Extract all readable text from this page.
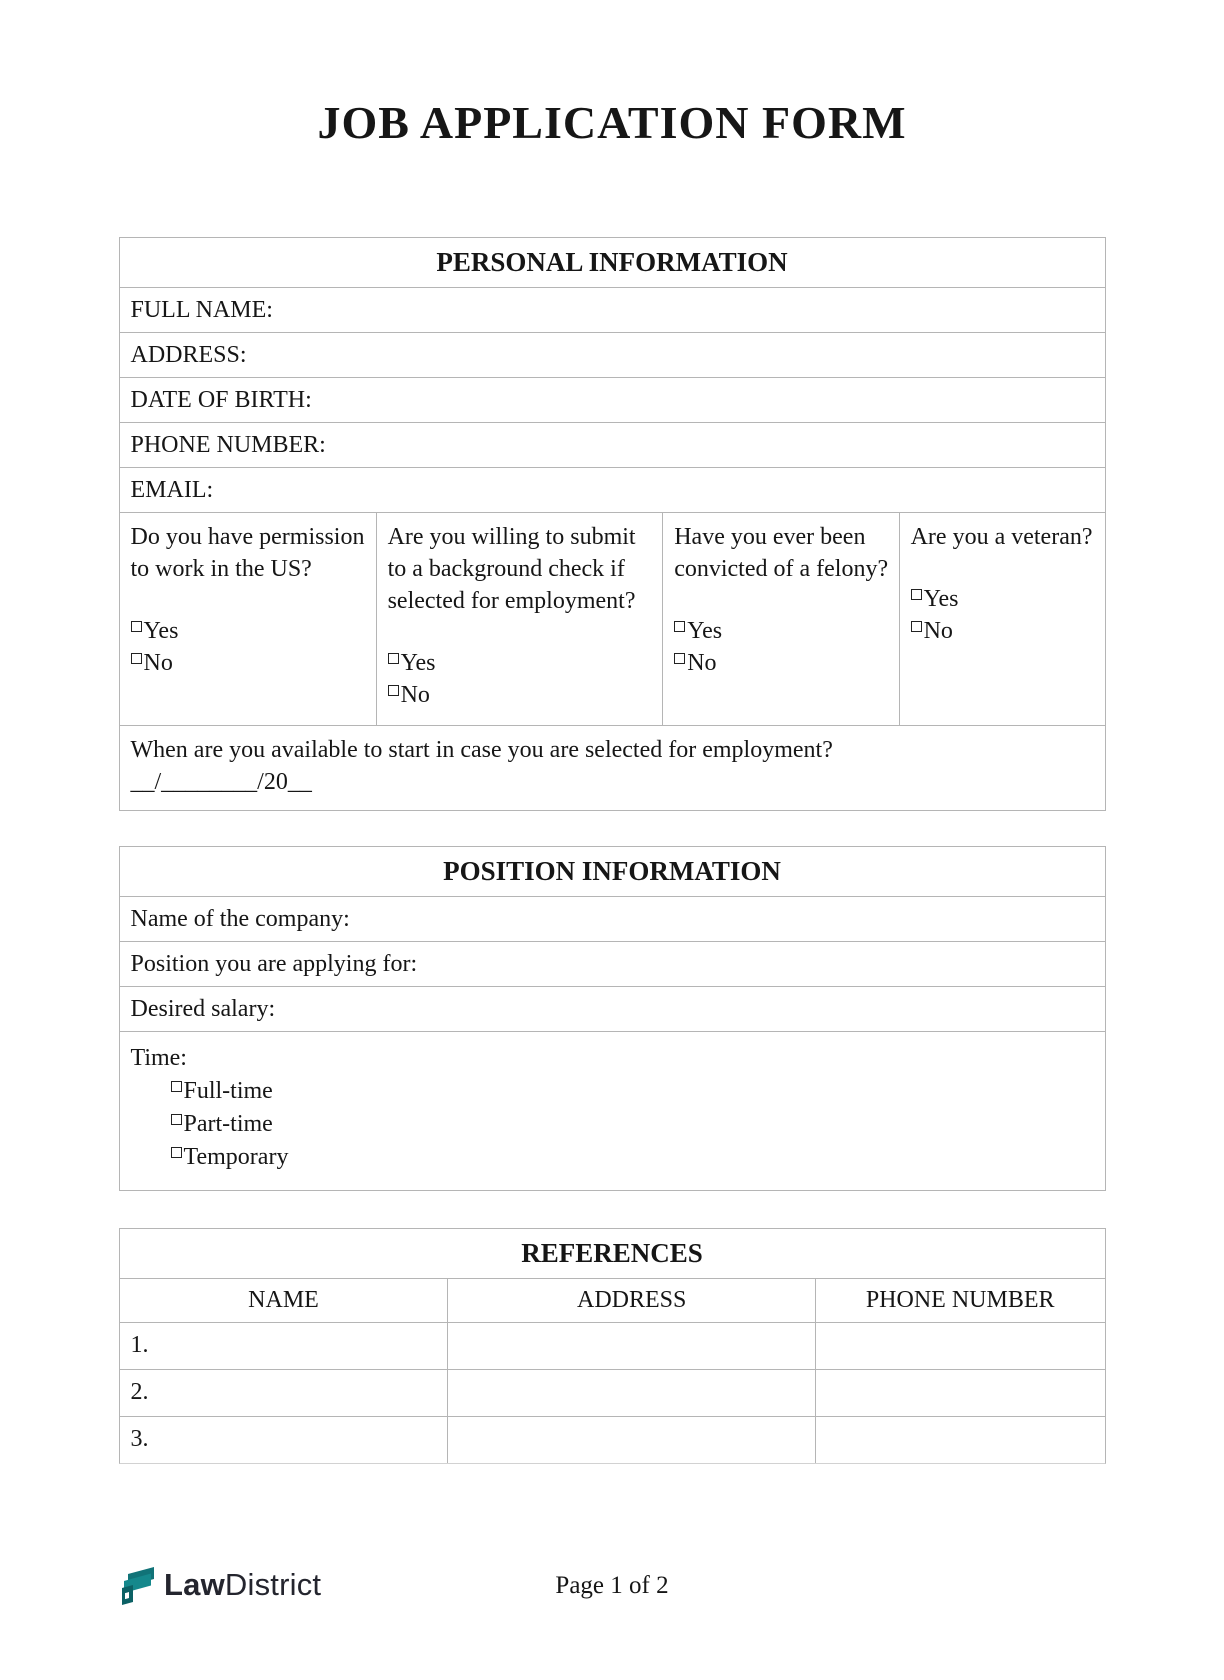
JOB APPLICATION FORM
PERSONAL INFORMATION
FULL NAME:
ADDRESS:
DATE OF BIRTH:
PHONE NUMBER:
EMAIL:
Do you have permission to work in the US?
Yes
No
Are you willing to submit to a background check if selected for employment?
Yes
No
Have you ever been convicted of a felony?
Yes
No
Are you a veteran?
Yes
No
When are you available to start in case you are selected for employment?
__/________/20__
POSITION INFORMATION
Name of the company:
Position you are applying for:
Desired salary:
Time:
Full-time
Part-time
Temporary
REFERENCES
NAME	ADDRESS	PHONE NUMBER
1.
2.
3.
LawDistrict	Page 1 of 2
